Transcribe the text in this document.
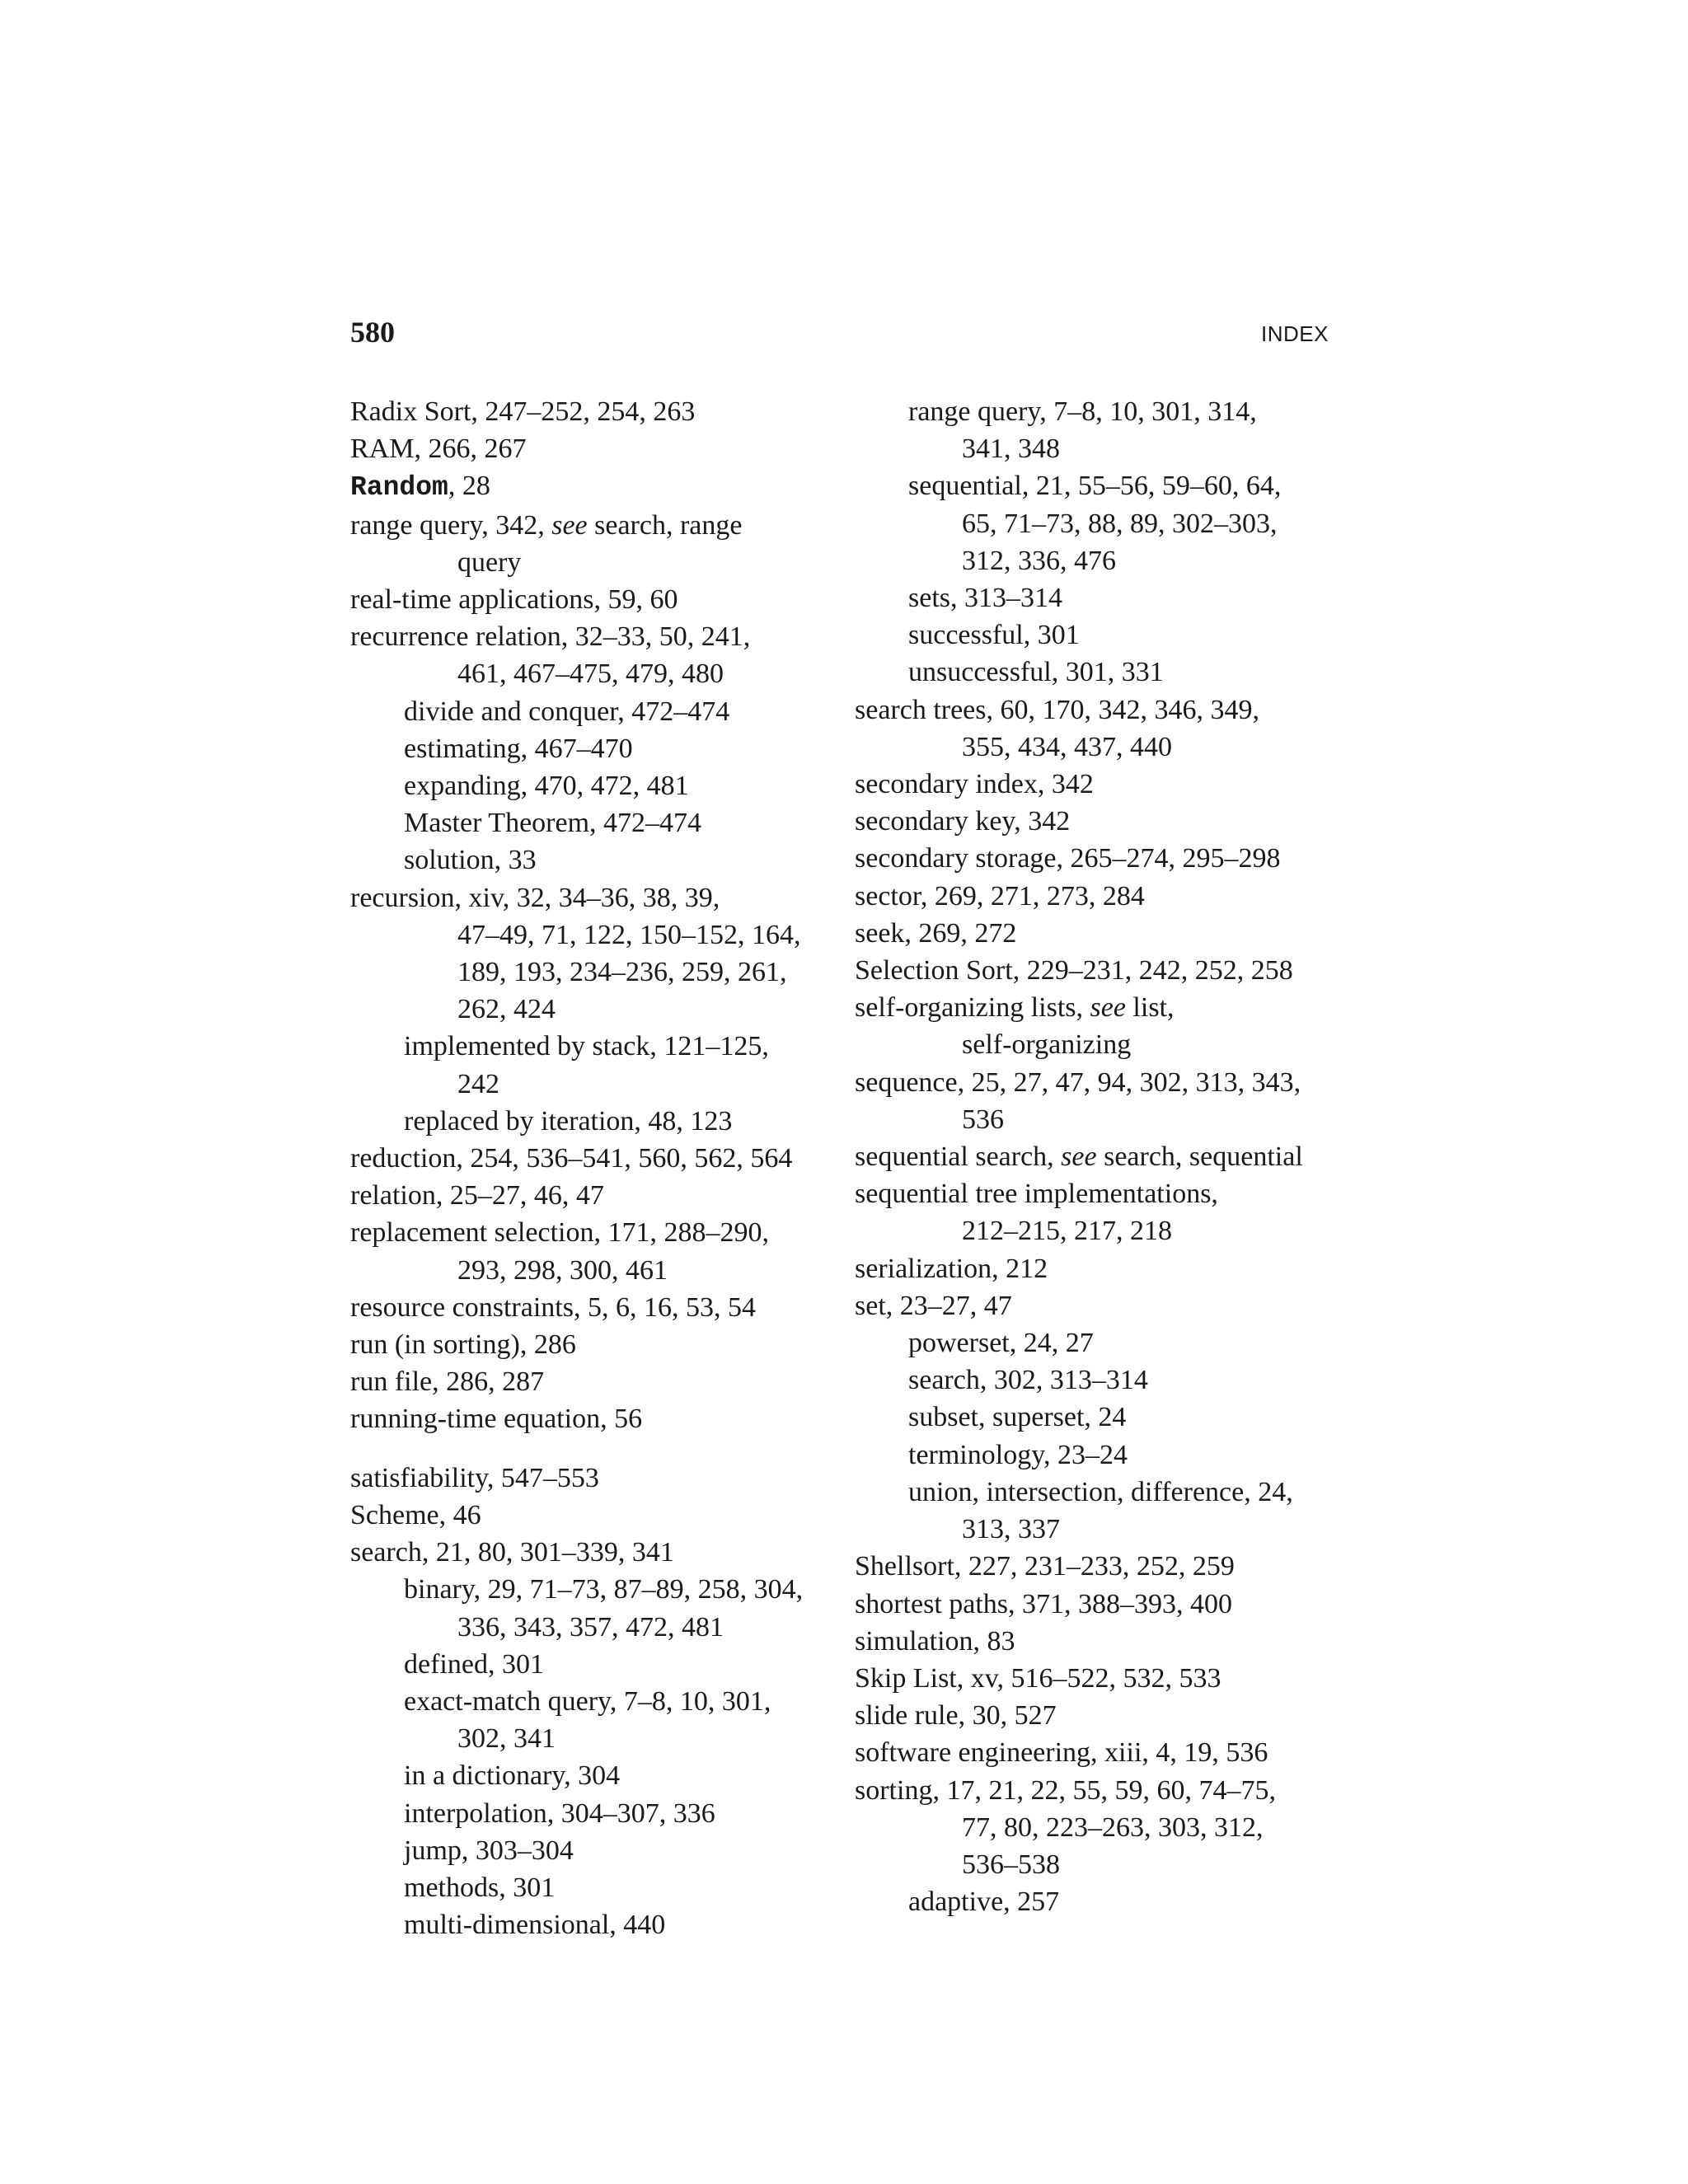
580	INDEX
Radix Sort, 247–252, 254, 263
RAM, 266, 267
Random, 28
range query, 342, see search, range
query
real-time applications, 59, 60
recurrence relation, 32–33, 50, 241,
461, 467–475, 479, 480
divide and conquer, 472–474
estimating, 467–470
expanding, 470, 472, 481
Master Theorem, 472–474
solution, 33
recursion, xiv, 32, 34–36, 38, 39,
47–49, 71, 122, 150–152, 164,
189, 193, 234–236, 259, 261,
262, 424
implemented by stack, 121–125,
242
replaced by iteration, 48, 123
reduction, 254, 536–541, 560, 562, 564
relation, 25–27, 46, 47
replacement selection, 171, 288–290,
293, 298, 300, 461
resource constraints, 5, 6, 16, 53, 54
run (in sorting), 286
run file, 286, 287
running-time equation, 56
satisfiability, 547–553
Scheme, 46
search, 21, 80, 301–339, 341
binary, 29, 71–73, 87–89, 258, 304,
336, 343, 357, 472, 481
defined, 301
exact-match query, 7–8, 10, 301,
302, 341
in a dictionary, 304
interpolation, 304–307, 336
jump, 303–304
methods, 301
multi-dimensional, 440
range query, 7–8, 10, 301, 314,
341, 348
sequential, 21, 55–56, 59–60, 64,
65, 71–73, 88, 89, 302–303,
312, 336, 476
sets, 313–314
successful, 301
unsuccessful, 301, 331
search trees, 60, 170, 342, 346, 349,
355, 434, 437, 440
secondary index, 342
secondary key, 342
secondary storage, 265–274, 295–298
sector, 269, 271, 273, 284
seek, 269, 272
Selection Sort, 229–231, 242, 252, 258
self-organizing lists, see list,
self-organizing
sequence, 25, 27, 47, 94, 302, 313, 343,
536
sequential search, see search, sequential
sequential tree implementations,
212–215, 217, 218
serialization, 212
set, 23–27, 47
powerset, 24, 27
search, 302, 313–314
subset, superset, 24
terminology, 23–24
union, intersection, difference, 24,
313, 337
Shellsort, 227, 231–233, 252, 259
shortest paths, 371, 388–393, 400
simulation, 83
Skip List, xv, 516–522, 532, 533
slide rule, 30, 527
software engineering, xiii, 4, 19, 536
sorting, 17, 21, 22, 55, 59, 60, 74–75,
77, 80, 223–263, 303, 312,
536–538
adaptive, 257
